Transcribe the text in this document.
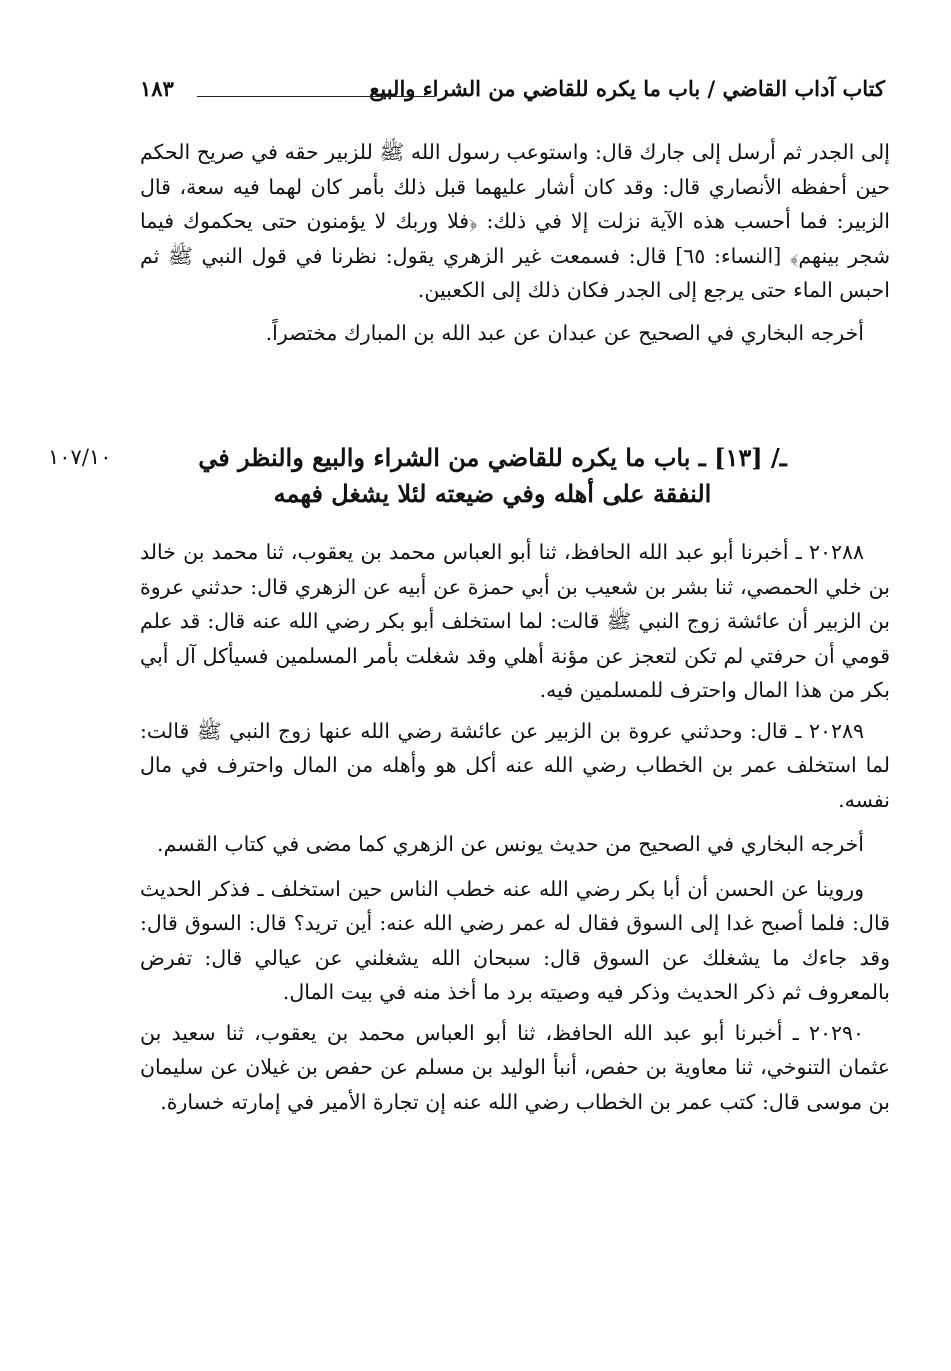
كتاب آداب القاضي / باب ما يكره للقاضي من الشراء والبيع
١٨٣

إلى الجدر ثم أرسل إلى جارك قال: واستوعب رسول الله ﷺ للزبير حقه في صريح الحكم حين أحفظه الأنصاري قال: وقد كان أشار عليهما قبل ذلك بأمر كان لهما فيه سعة، قال الزبير: فما أحسب هذه الآية نزلت إلا في ذلك: ﴿فلا وربك لا يؤمنون حتى يحكموك فيما شجر بينهم﴾ [النساء: ٦٥] قال: فسمعت غير الزهري يقول: نظرنا في قول النبي ﷺ ثم احبس الماء حتى يرجع إلى الجدر فكان ذلك إلى الكعبين.

أخرجه البخاري في الصحيح عن عبدان عن عبد الله بن المبارك مختصراً.

ـ/ [١٣] ـ باب ما يكره للقاضي من الشراء والبيع والنظر في
النفقة على أهله وفي ضيعته لئلا يشغل فهمه
١٠٧/١٠

٢٠٢٨٨ ـ أخبرنا أبو عبد الله الحافظ، ثنا أبو العباس محمد بن يعقوب، ثنا محمد بن خالد بن خلي الحمصي، ثنا بشر بن شعيب بن أبي حمزة عن أبيه عن الزهري قال: حدثني عروة بن الزبير أن عائشة زوج النبي ﷺ قالت: لما استخلف أبو بكر رضي الله عنه قال: قد علم قومي أن حرفتي لم تكن لتعجز عن مؤنة أهلي وقد شغلت بأمر المسلمين فسيأكل آل أبي بكر من هذا المال واحترف للمسلمين فيه.

٢٠٢٨٩ ـ قال: وحدثني عروة بن الزبير عن عائشة رضي الله عنها زوج النبي ﷺ قالت: لما استخلف عمر بن الخطاب رضي الله عنه أكل هو وأهله من المال واحترف في مال نفسه.

أخرجه البخاري في الصحيح من حديث يونس عن الزهري كما مضى في كتاب القسم.

وروينا عن الحسن أن أبا بكر رضي الله عنه خطب الناس حين استخلف ـ فذكر الحديث قال: فلما أصبح غدا إلى السوق فقال له عمر رضي الله عنه: أين تريد؟ قال: السوق قال: وقد جاءك ما يشغلك عن السوق قال: سبحان الله يشغلني عن عيالي قال: تفرض بالمعروف ثم ذكر الحديث وذكر فيه وصيته برد ما أخذ منه في بيت المال.

٢٠٢٩٠ ـ أخبرنا أبو عبد الله الحافظ، ثنا أبو العباس محمد بن يعقوب، ثنا سعيد بن عثمان التنوخي، ثنا معاوية بن حفص، أنبأ الوليد بن مسلم عن حفص بن غيلان عن سليمان بن موسى قال: كتب عمر بن الخطاب رضي الله عنه إن تجارة الأمير في إمارته خسارة.
